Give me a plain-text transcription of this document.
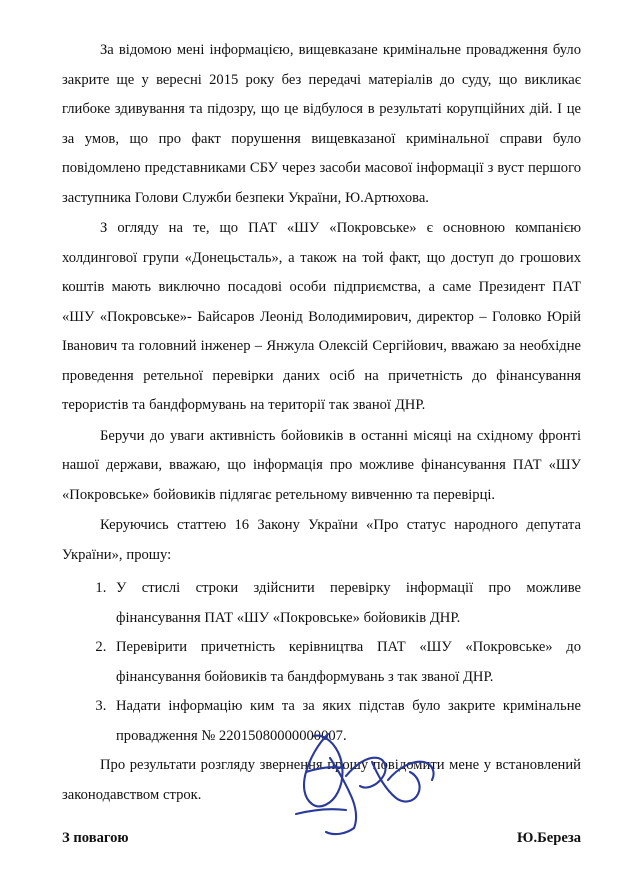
За відомою мені інформацією, вищевказане кримінальне провадження було закрите ще у вересні 2015 року без передачі матеріалів до суду, що викликає глибоке здивування та підозру, що це відбулося в результаті корупційних дій. І це за умов, що про факт порушення вищевказаної кримінальної справи було повідомлено представниками СБУ через засоби масової інформації з вуст першого заступника Голови Служби безпеки України, Ю.Артюхова.

З огляду на те, що ПАТ «ШУ «Покровське» є основною компанією холдингової групи «Донецьсталь», а також на той факт, що доступ до грошових коштів мають виключно посадові особи підприємства, а саме Президент ПАТ «ШУ «Покровське»- Байсаров Леонід Володимирович, директор – Головко Юрій Іванович та головний інженер – Янжула Олексій Сергійович, вважаю за необхідне проведення ретельної перевірки даних осіб на причетність до фінансування терористів та бандформувань на території так званої ДНР.

Беручи до уваги активність бойовиків в останні місяці на східному фронті нашої держави, вважаю, що інформація про можливе фінансування ПАТ «ШУ «Покровське» бойовиків підлягає ретельному вивченню та перевірці.

Керуючись статтею 16 Закону України «Про статус народного депутата України», прошу:

1. У стислі строки здійснити перевірку інформації про можливе фінансування ПАТ «ШУ «Покровське» бойовиків ДНР.
2. Перевірити причетність керівництва ПАТ «ШУ «Покровське» до фінансування бойовиків та бандформувань з так званої ДНР.
3. Надати інформацію ким та за яких підстав було закрите кримінальне провадження № 22015080000000007.

Про результати розгляду звернення прошу повідомити мене у встановлений законодавством строк.

З повагою	Ю.Береза
